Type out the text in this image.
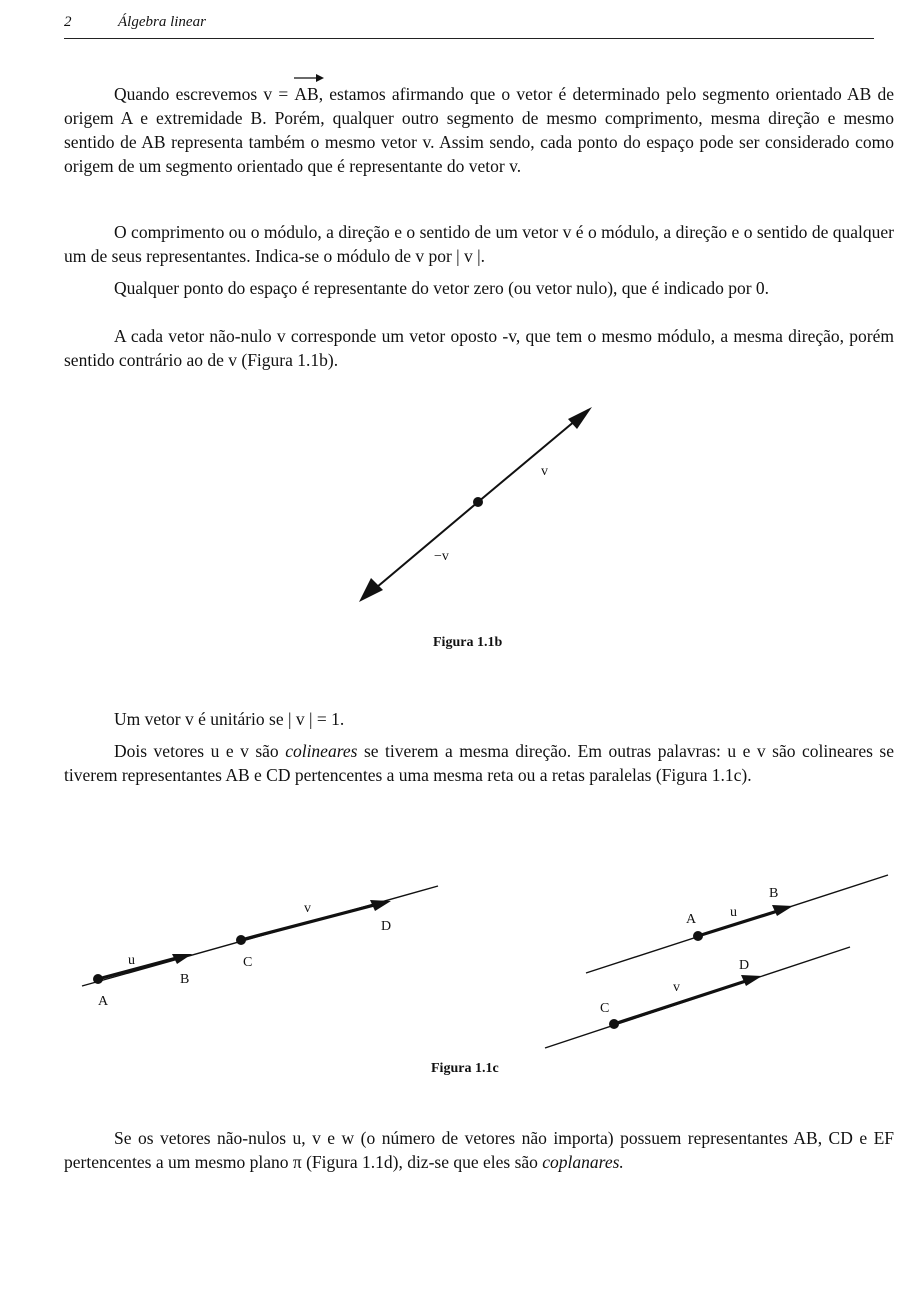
2	Álgebra linear

Quando escrevemos v = AB, estamos afirmando que o vetor é determinado pelo segmento orientado AB de origem A e extremidade B. Porém, qualquer outro segmento de mesmo comprimento, mesma direção e mesmo sentido de AB representa também o mesmo vetor v. Assim sendo, cada ponto do espaço pode ser considerado como origem de um segmento orientado que é representante do vetor v.

O comprimento ou o módulo, a direção e o sentido de um vetor v é o módulo, a direção e o sentido de qualquer um de seus representantes. Indica-se o módulo de v por | v |.

Qualquer ponto do espaço é representante do vetor zero (ou vetor nulo), que é indicado por 0.

A cada vetor não-nulo v corresponde um vetor oposto -v, que tem o mesmo módulo, a mesma direção, porém sentido contrário ao de v (Figura 1.1b).

v
−v
Figura 1.1b

Um vetor v é unitário se | v | = 1.

Dois vetores u e v são colineares se tiverem a mesma direção. Em outras palavras: u e v são colineares se tiverem representantes AB e CD pertencentes a uma mesma reta ou a retas paralelas (Figura 1.1c).

A
B
C
D
u
v
A
B
u
C
D
v
Figura 1.1c

Se os vetores não-nulos u, v e w (o número de vetores não importa) possuem representantes AB, CD e EF pertencentes a um mesmo plano π (Figura 1.1d), diz-se que eles são coplanares.
